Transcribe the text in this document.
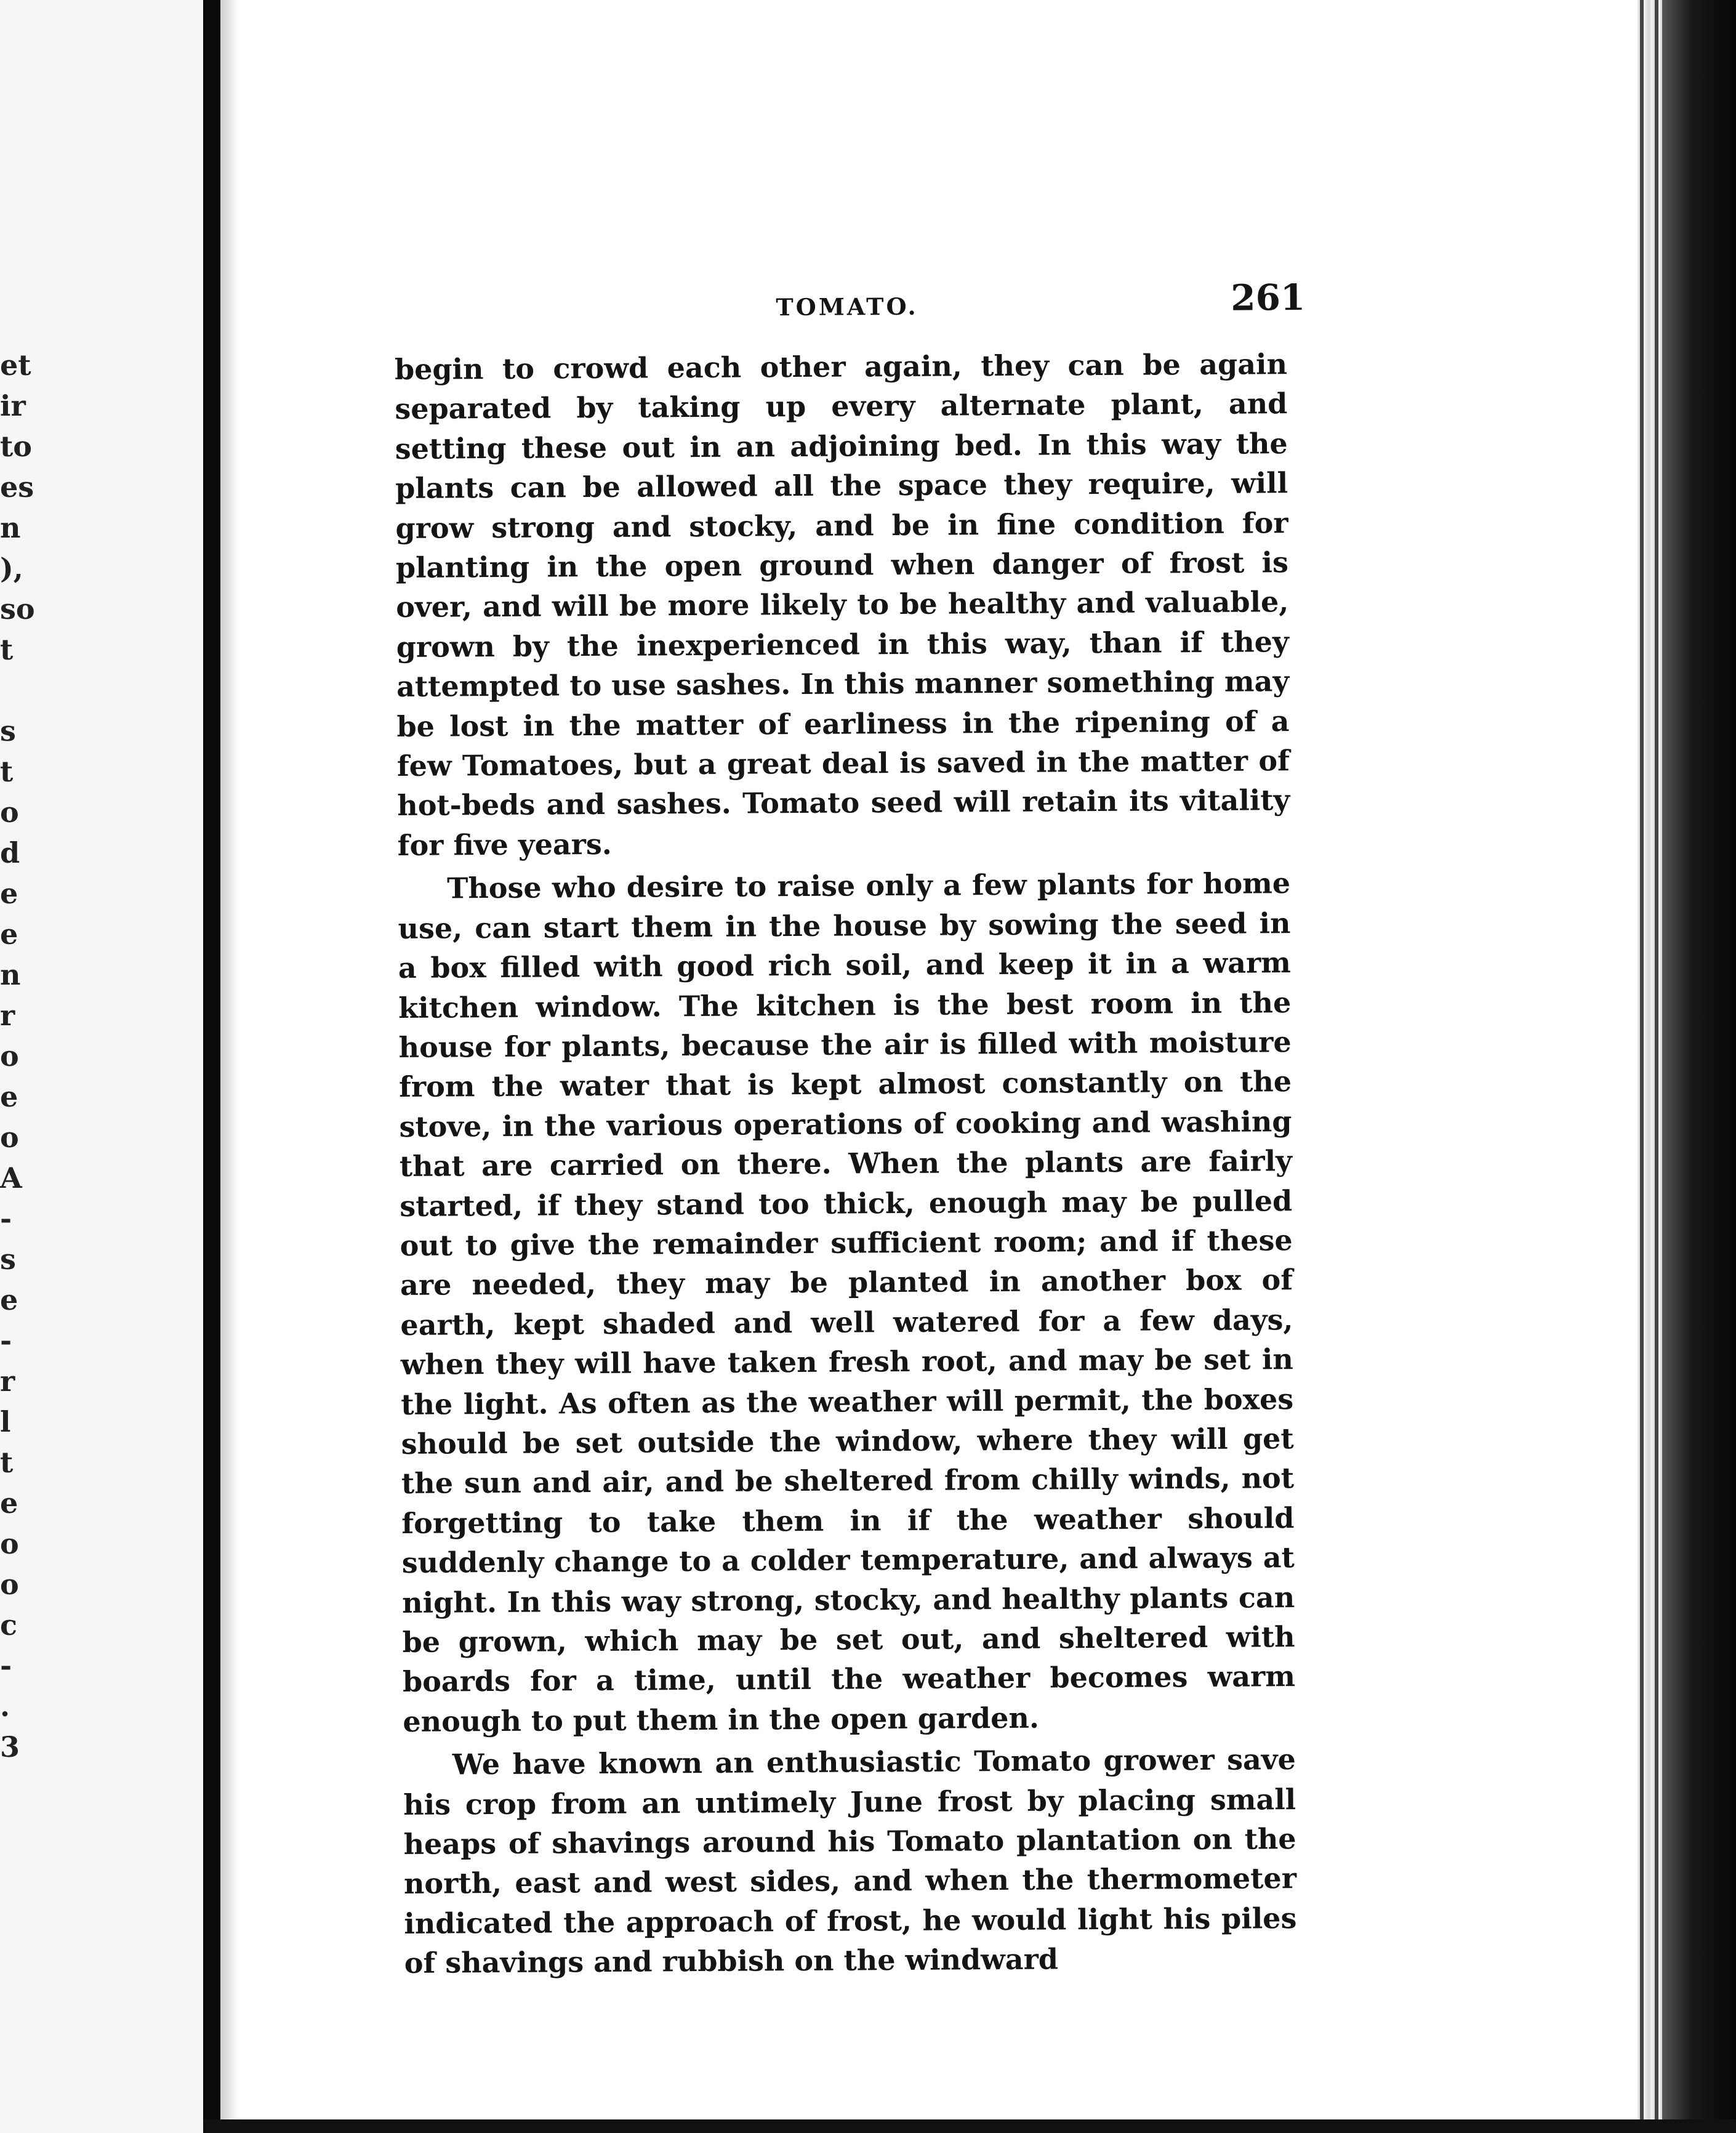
et
ir
to
es
n
),
so
t
s
t
o
d
e
e
n
r
o
e
o
A
-
s
e
-
r
l
t
e
o
o
c
-
.
3
TOMATO.	261

begin to crowd each other again, they can be again separated by taking up every alternate plant, and setting these out in an adjoining bed. In this way the plants can be allowed all the space they require, will grow strong and stocky, and be in fine condition for planting in the open ground when danger of frost is over, and will be more likely to be healthy and valuable, grown by the inexperienced in this way, than if they attempted to use sashes. In this manner something may be lost in the matter of earliness in the ripening of a few Tomatoes, but a great deal is saved in the matter of hot-beds and sashes. Tomato seed will retain its vitality for five years.

Those who desire to raise only a few plants for home use, can start them in the house by sowing the seed in a box filled with good rich soil, and keep it in a warm kitchen window. The kitchen is the best room in the house for plants, because the air is filled with moisture from the water that is kept almost constantly on the stove, in the various operations of cooking and washing that are carried on there. When the plants are fairly started, if they stand too thick, enough may be pulled out to give the remainder sufficient room; and if these are needed, they may be planted in another box of earth, kept shaded and well watered for a few days, when they will have taken fresh root, and may be set in the light. As often as the weather will permit, the boxes should be set outside the window, where they will get the sun and air, and be sheltered from chilly winds, not forgetting to take them in if the weather should suddenly change to a colder temperature, and always at night. In this way strong, stocky, and healthy plants can be grown, which may be set out, and sheltered with boards for a time, until the weather becomes warm enough to put them in the open garden.

We have known an enthusiastic Tomato grower save his crop from an untimely June frost by placing small heaps of shavings around his Tomato plantation on the north, east and west sides, and when the thermometer indicated the approach of frost, he would light his piles of shavings and rubbish on the windward
